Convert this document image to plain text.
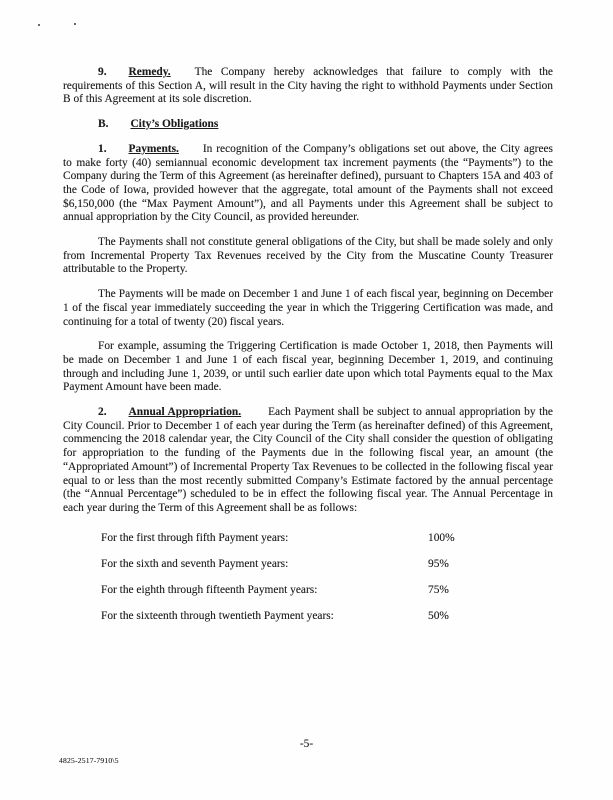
9. Remedy. The Company hereby acknowledges that failure to comply with the requirements of this Section A, will result in the City having the right to withhold Payments under Section B of this Agreement at its sole discretion.

B. City’s Obligations

1. Payments. In recognition of the Company’s obligations set out above, the City agrees to make forty (40) semiannual economic development tax increment payments (the “Payments”) to the Company during the Term of this Agreement (as hereinafter defined), pursuant to Chapters 15A and 403 of the Code of Iowa, provided however that the aggregate, total amount of the Payments shall not exceed $6,150,000 (the “Max Payment Amount”), and all Payments under this Agreement shall be subject to annual appropriation by the City Council, as provided hereunder.

The Payments shall not constitute general obligations of the City, but shall be made solely and only from Incremental Property Tax Revenues received by the City from the Muscatine County Treasurer attributable to the Property.

The Payments will be made on December 1 and June 1 of each fiscal year, beginning on December 1 of the fiscal year immediately succeeding the year in which the Triggering Certification was made, and continuing for a total of twenty (20) fiscal years.

For example, assuming the Triggering Certification is made October 1, 2018, then Payments will be made on December 1 and June 1 of each fiscal year, beginning December 1, 2019, and continuing through and including June 1, 2039, or until such earlier date upon which total Payments equal to the Max Payment Amount have been made.

2. Annual Appropriation. Each Payment shall be subject to annual appropriation by the City Council. Prior to December 1 of each year during the Term (as hereinafter defined) of this Agreement, commencing the 2018 calendar year, the City Council of the City shall consider the question of obligating for appropriation to the funding of the Payments due in the following fiscal year, an amount (the “Appropriated Amount”) of Incremental Property Tax Revenues to be collected in the following fiscal year equal to or less than the most recently submitted Company’s Estimate factored by the annual percentage (the “Annual Percentage”) scheduled to be in effect the following fiscal year. The Annual Percentage in each year during the Term of this Agreement shall be as follows:

For the first through fifth Payment years:	100%
For the sixth and seventh Payment years:	95%
For the eighth through fifteenth Payment years:	75%
For the sixteenth through twentieth Payment years:	50%
-5-
4825-2517-7910\5
